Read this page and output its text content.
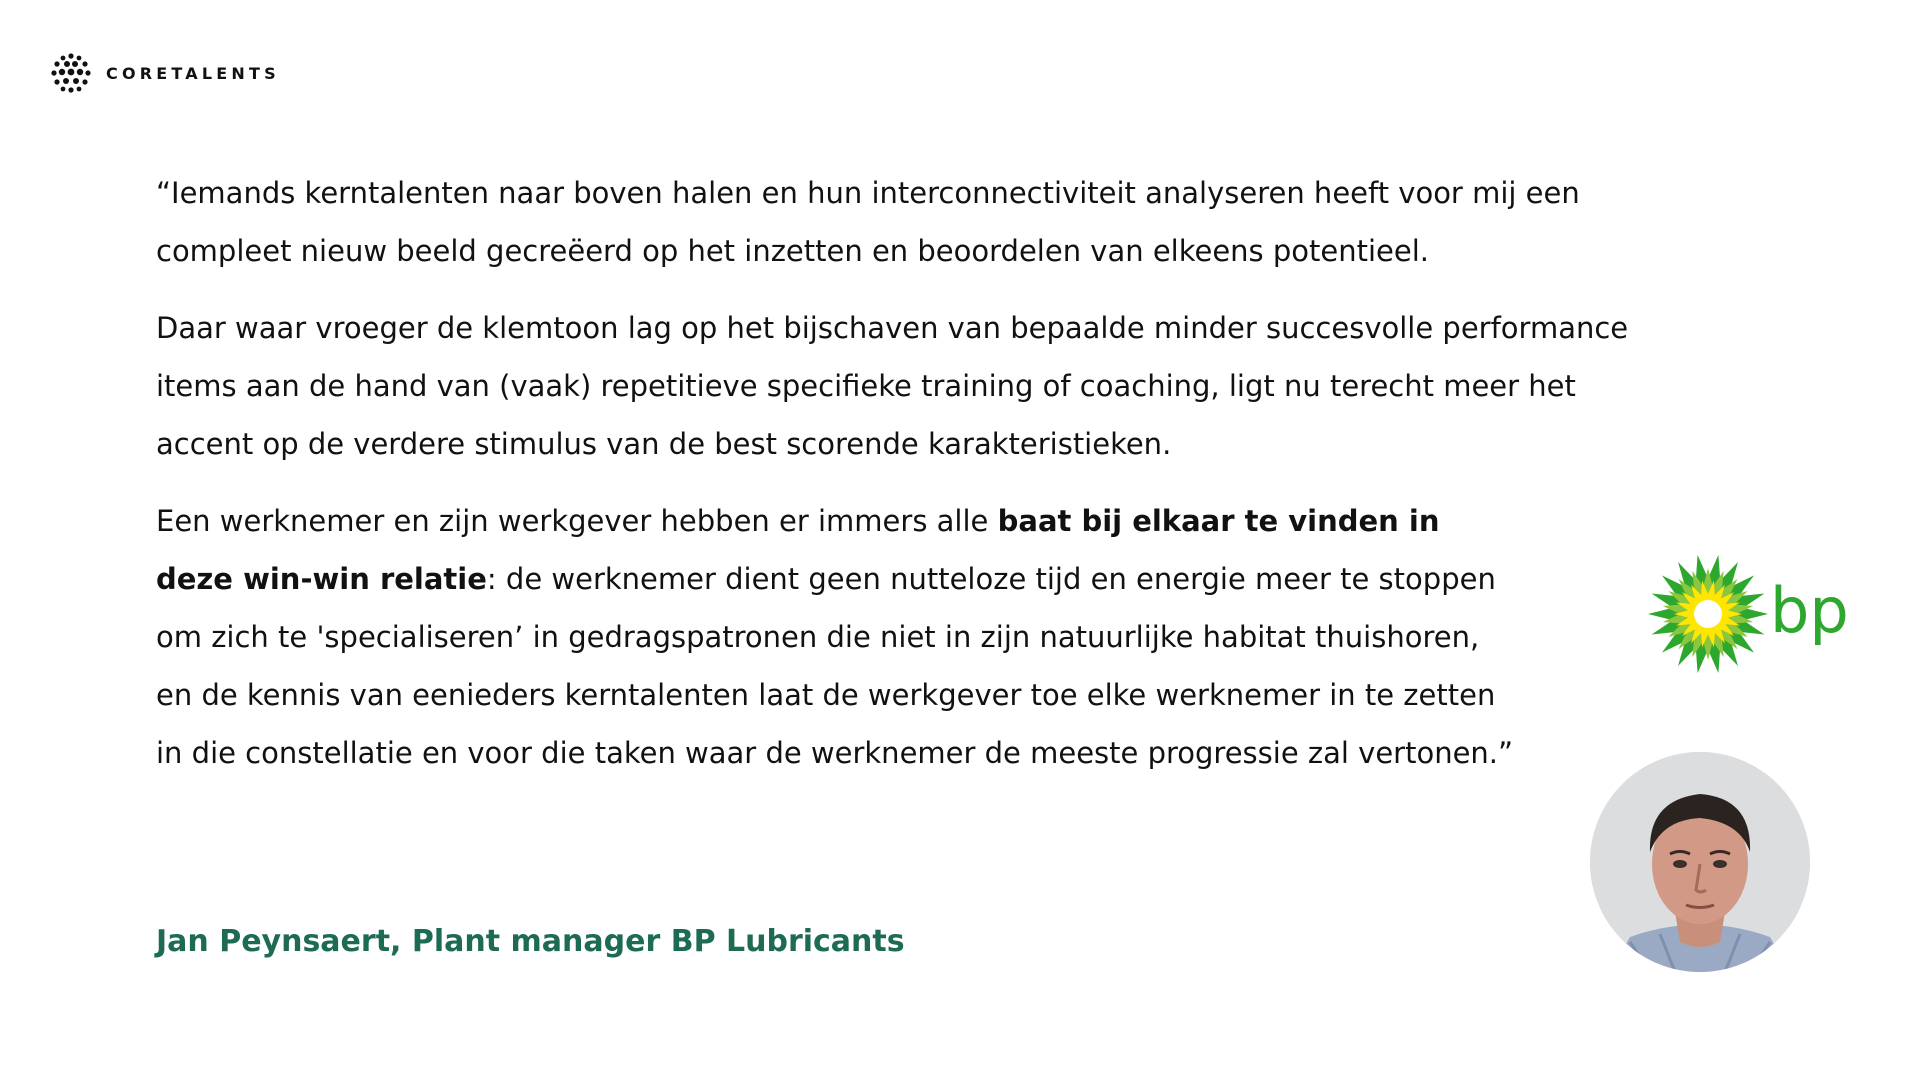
CORETALENTS

“Iemands kerntalenten naar boven halen en hun interconnectiviteit analyseren heeft voor mij een compleet nieuw beeld gecreëerd op het inzetten en beoordelen van elkeens potentieel.

Daar waar vroeger de klemtoon lag op het bijschaven van bepaalde minder succesvolle performance items aan de hand van (vaak) repetitieve specifieke training of coaching, ligt nu terecht meer het accent op de verdere stimulus van de best scorende karakteristieken.

Een werknemer en zijn werkgever hebben er immers alle baat bij elkaar te vinden in deze win-win relatie: de werknemer dient geen nutteloze tijd en energie meer te stoppen om zich te 'specialiseren’ in gedragspatronen die niet in zijn natuurlijke habitat thuishoren, en de kennis van eenieders kerntalenten laat de werkgever toe elke werknemer in te zetten in die constellatie en voor die taken waar de werknemer de meeste progressie zal vertonen.”

Jan Peynsaert, Plant manager BP Lubricants
bp
